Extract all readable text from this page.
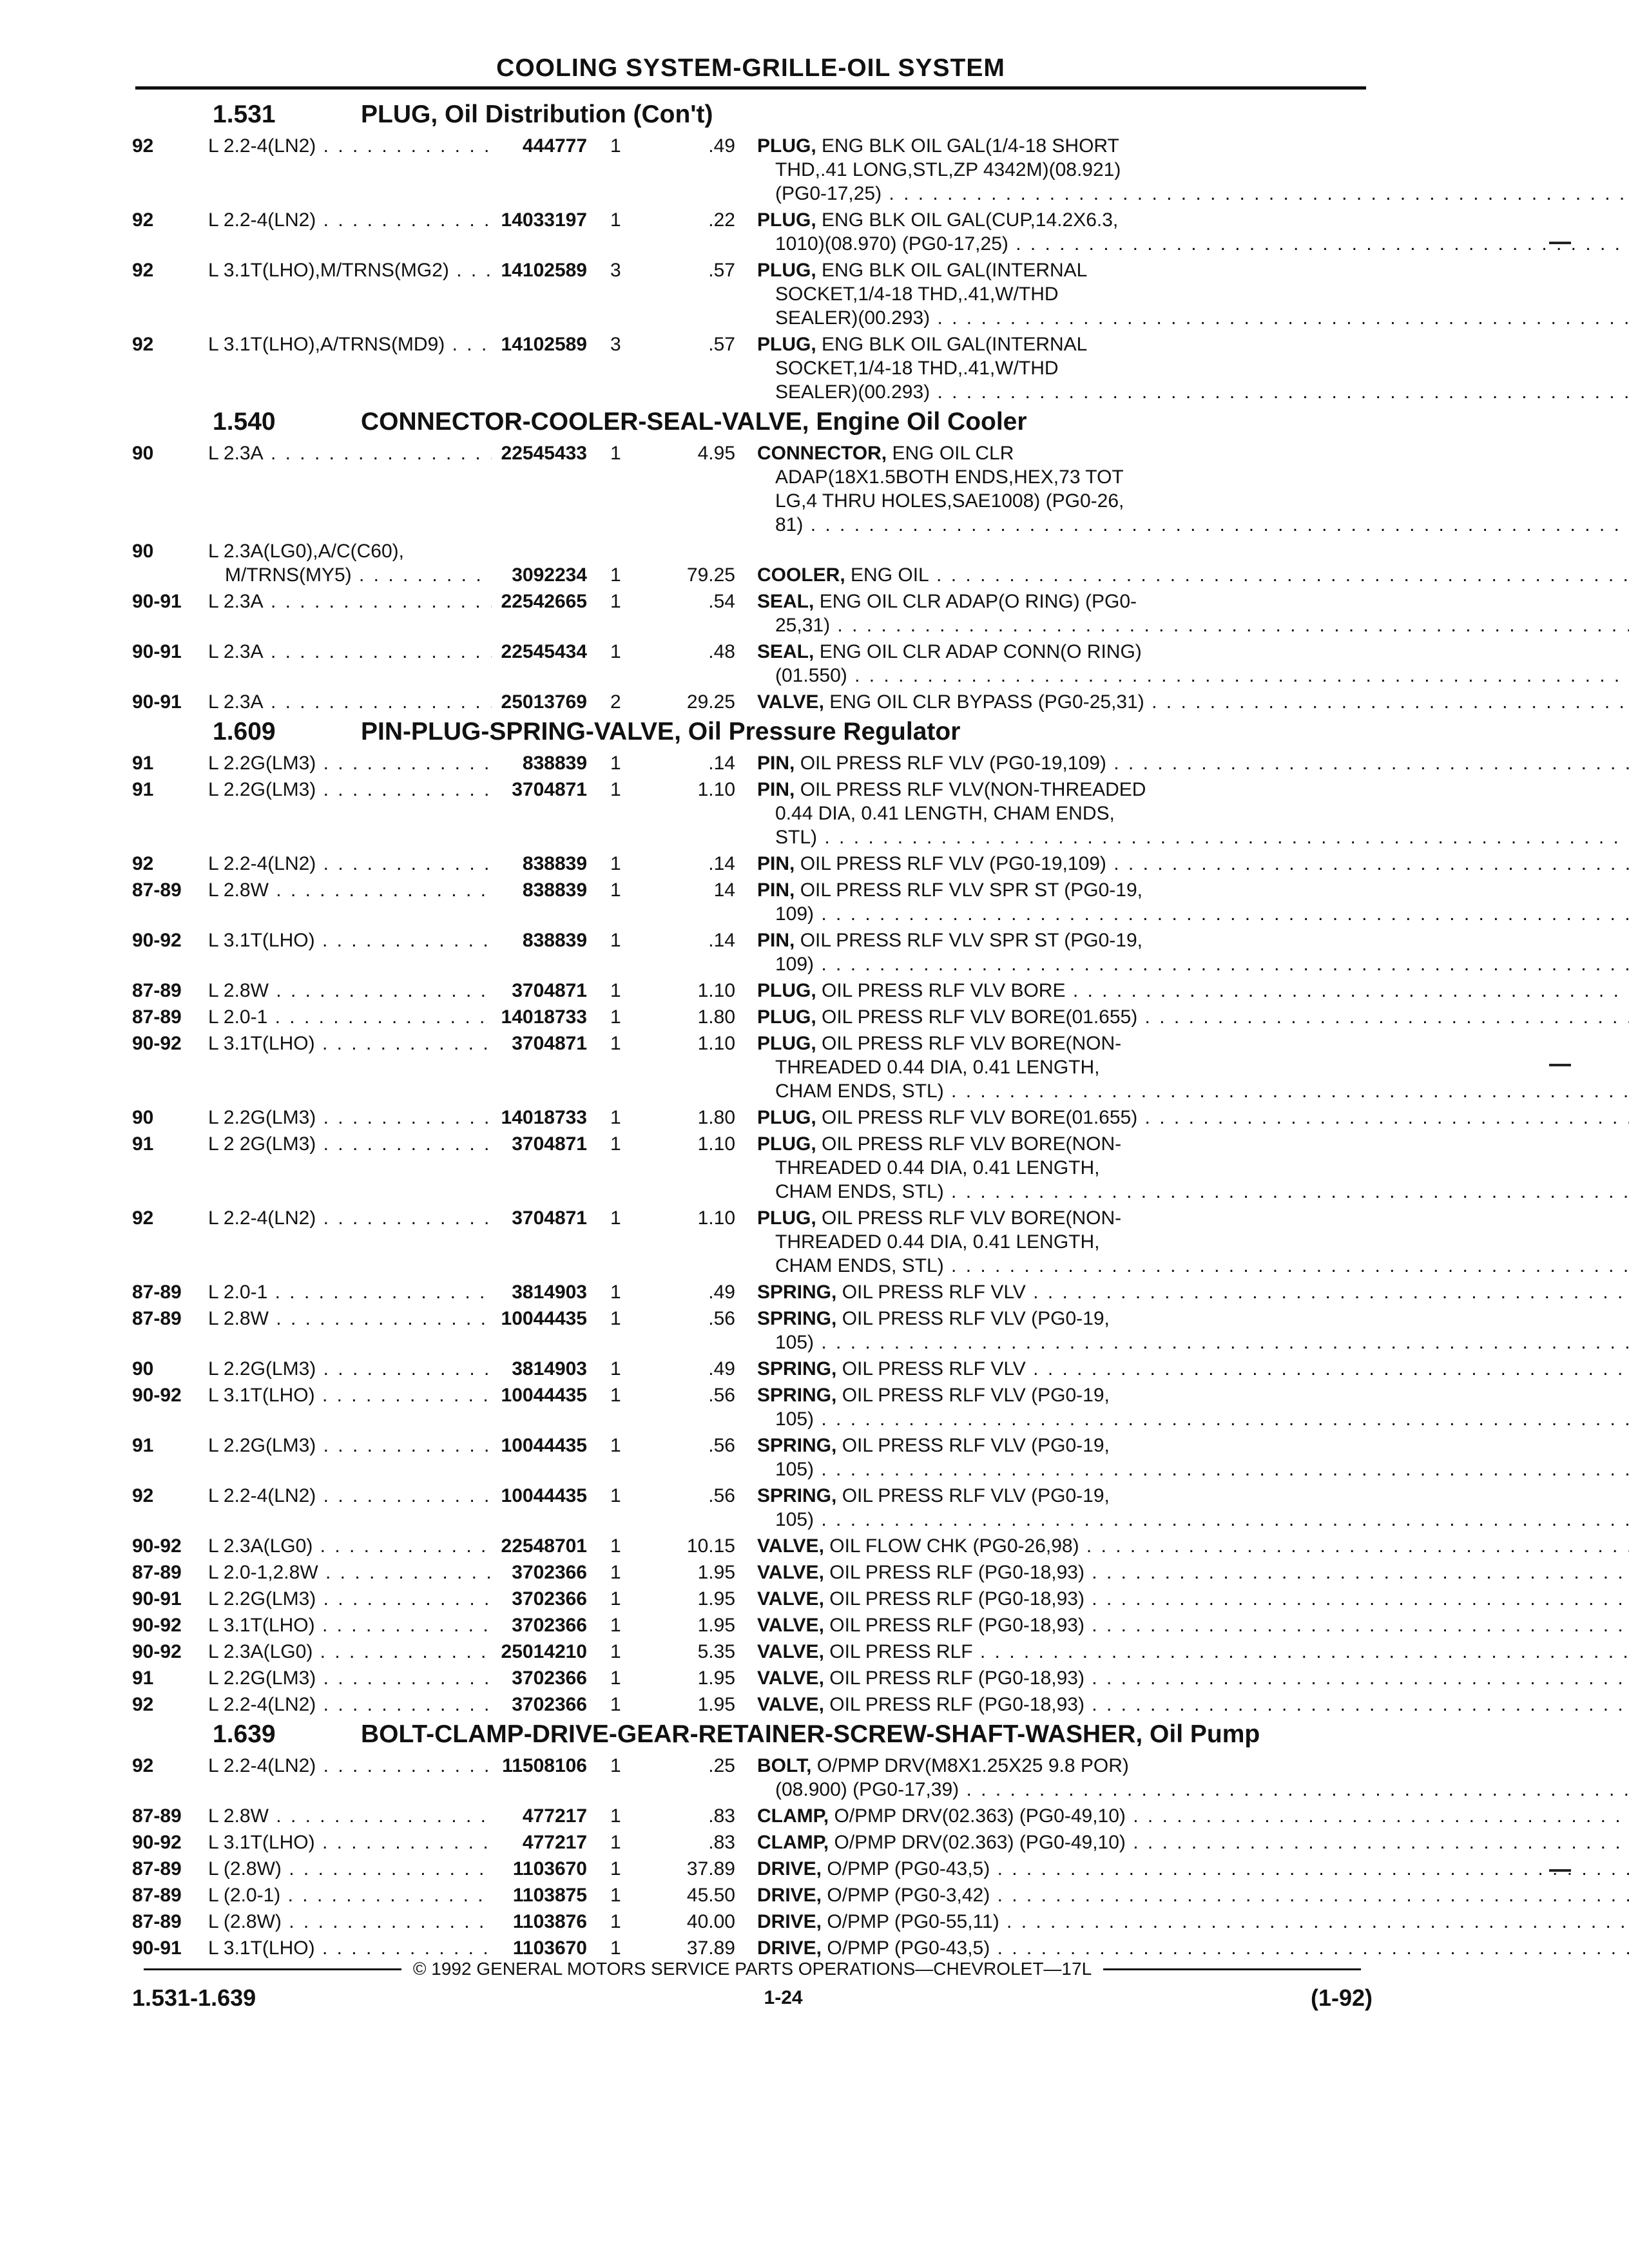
COOLING SYSTEM-GRILLE-OIL SYSTEM
1.531	PLUG, Oil Distribution (Con't)
92	L 2.2-4(LN2) . . .	444777	1	.49	PLUG, ENG BLK OIL GAL(1/4-18 SHORT
THD,.41 LONG,STL,ZP 4342M)(08.921)
(PG0-17,25) . . .
92	L 2.2-4(LN2) . . .	14033197	1	.22	PLUG, ENG BLK OIL GAL(CUP,14.2X6.3,
1010)(08.970) (PG0-17,25) . . .
92	L 3.1T(LHO),M/TRNS(MG2) . . .	14102589	3	.57	PLUG, ENG BLK OIL GAL(INTERNAL
SOCKET,1/4-18 THD,.41,W/THD
SEALER)(00.293) . . .
92	L 3.1T(LHO),A/TRNS(MD9) . . .	14102589	3	.57	PLUG, ENG BLK OIL GAL(INTERNAL
SOCKET,1/4-18 THD,.41,W/THD
SEALER)(00.293) . . .
1.540	CONNECTOR-COOLER-SEAL-VALVE, Engine Oil Cooler
90	L 2.3A . . .	22545433	1	4.95	CONNECTOR, ENG OIL CLR
ADAP(18X1.5BOTH ENDS,HEX,73 TOT
LG,4 THRU HOLES,SAE1008) (PG0-26,
81) . . .
90	L 2.3A(LG0),A/C(C60),
M/TRNS(MY5) . . .	3092234	1	79.25	COOLER, ENG OIL . . .
90-91	L 2.3A . . .	22542665	1	.54	SEAL, ENG OIL CLR ADAP(O RING) (PG0-
25,31) . . .
90-91	L 2.3A . . .	22545434	1	.48	SEAL, ENG OIL CLR ADAP CONN(O RING)
(01.550) . . .
90-91	L 2.3A . . .	25013769	2	29.25	VALVE, ENG OIL CLR BYPASS (PG0-25,31) . . .
1.609	PIN-PLUG-SPRING-VALVE, Oil Pressure Regulator
91	L 2.2G(LM3) . . .	838839	1	.14	PIN, OIL PRESS RLF VLV (PG0-19,109) . . .
91	L 2.2G(LM3) . . .	3704871	1	1.10	PIN, OIL PRESS RLF VLV(NON-THREADED
0.44 DIA, 0.41 LENGTH, CHAM ENDS,
STL) . . .
92	L 2.2-4(LN2) . . .	838839	1	.14	PIN, OIL PRESS RLF VLV (PG0-19,109) . . .
87-89	L 2.8W . . .	838839	1	14	PIN, OIL PRESS RLF VLV SPR ST (PG0-19,
109) . . .
90-92	L 3.1T(LHO) . . .	838839	1	.14	PIN, OIL PRESS RLF VLV SPR ST (PG0-19,
109) . . .
87-89	L 2.8W . . .	3704871	1	1.10	PLUG, OIL PRESS RLF VLV BORE . . .
87-89	L 2.0-1 . . .	14018733	1	1.80	PLUG, OIL PRESS RLF VLV BORE(01.655) . . .
90-92	L 3.1T(LHO) . . .	3704871	1	1.10	PLUG, OIL PRESS RLF VLV BORE(NON-
THREADED 0.44 DIA, 0.41 LENGTH,
CHAM ENDS, STL) . . .
90	L 2.2G(LM3) . . .	14018733	1	1.80	PLUG, OIL PRESS RLF VLV BORE(01.655) . . .
91	L 2 2G(LM3) . . .	3704871	1	1.10	PLUG, OIL PRESS RLF VLV BORE(NON-
THREADED 0.44 DIA, 0.41 LENGTH,
CHAM ENDS, STL) . . .
92	L 2.2-4(LN2) . . .	3704871	1	1.10	PLUG, OIL PRESS RLF VLV BORE(NON-
THREADED 0.44 DIA, 0.41 LENGTH,
CHAM ENDS, STL) . . .
87-89	L 2.0-1 . . .	3814903	1	.49	SPRING, OIL PRESS RLF VLV . . .
87-89	L 2.8W . . .	10044435	1	.56	SPRING, OIL PRESS RLF VLV (PG0-19,
105) . . .
90	L 2.2G(LM3) . . .	3814903	1	.49	SPRING, OIL PRESS RLF VLV . . .
90-92	L 3.1T(LHO) . . .	10044435	1	.56	SPRING, OIL PRESS RLF VLV (PG0-19,
105) . . .
91	L 2.2G(LM3) . . .	10044435	1	.56	SPRING, OIL PRESS RLF VLV (PG0-19,
105) . . .
92	L 2.2-4(LN2) . . .	10044435	1	.56	SPRING, OIL PRESS RLF VLV (PG0-19,
105) . . .
90-92	L 2.3A(LG0) . . .	22548701	1	10.15	VALVE, OIL FLOW CHK (PG0-26,98) . . .
87-89	L 2.0-1,2.8W . . .	3702366	1	1.95	VALVE, OIL PRESS RLF (PG0-18,93) . . .
90-91	L 2.2G(LM3) . . .	3702366	1	1.95	VALVE, OIL PRESS RLF (PG0-18,93) . . .
90-92	L 3.1T(LHO) . . .	3702366	1	1.95	VALVE, OIL PRESS RLF (PG0-18,93) . . .
90-92	L 2.3A(LG0) . . .	25014210	1	5.35	VALVE, OIL PRESS RLF . . .
91	L 2.2G(LM3) . . .	3702366	1	1.95	VALVE, OIL PRESS RLF (PG0-18,93) . . .
92	L 2.2-4(LN2) . . .	3702366	1	1.95	VALVE, OIL PRESS RLF (PG0-18,93) . . .
1.639	BOLT-CLAMP-DRIVE-GEAR-RETAINER-SCREW-SHAFT-WASHER, Oil Pump
92	L 2.2-4(LN2) . . .	11508106	1	.25	BOLT, O/PMP DRV(M8X1.25X25 9.8 POR)
(08.900) (PG0-17,39) . . .
87-89	L 2.8W . . .	477217	1	.83	CLAMP, O/PMP DRV(02.363) (PG0-49,10) . . .
90-92	L 3.1T(LHO) . . .	477217	1	.83	CLAMP, O/PMP DRV(02.363) (PG0-49,10) . . .
87-89	L (2.8W) . . .	1103670	1	37.89	DRIVE, O/PMP (PG0-43,5) . . .
87-89	L (2.0-1) . . .	1103875	1	45.50	DRIVE, O/PMP (PG0-3,42) . . .
87-89	L (2.8W) . . .	1103876	1	40.00	DRIVE, O/PMP (PG0-55,11) . . .
90-91	L 3.1T(LHO) . . .	1103670	1	37.89	DRIVE, O/PMP (PG0-43,5) . . .
© 1992 GENERAL MOTORS SERVICE PARTS OPERATIONS—CHEVROLET—17L
1.531-1.639	1-24	(1-92)
